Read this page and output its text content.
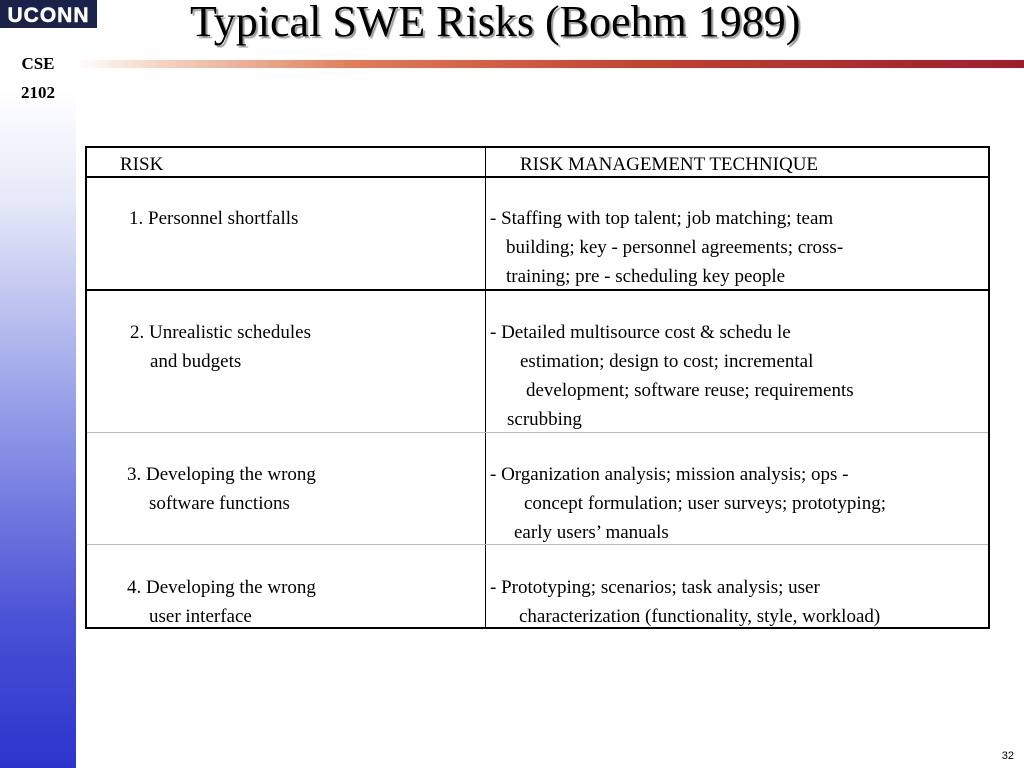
UCONN
CSE
2102
Typical SWE Risks (Boehm 1989)
RISK	RISK MANAGEMENT TECHNIQUE
1. Personnel shortfalls	- Staffing with top talent; job matching; team
building; key - personnel agreements; cross-
training; pre - scheduling key people
2. Unrealistic schedules
and budgets
- Detailed multisource cost & schedu le
estimation; design to cost; incremental
development; software reuse; requirements
scrubbing
3. Developing the wrong
software functions
- Organization analysis; mission analysis; ops -
concept formulation; user surveys; prototyping;
early users’ manuals
4. Developing the wrong
user interface
- Prototyping; scenarios; task analysis; user
characterization (functionality, style, workload)
32
